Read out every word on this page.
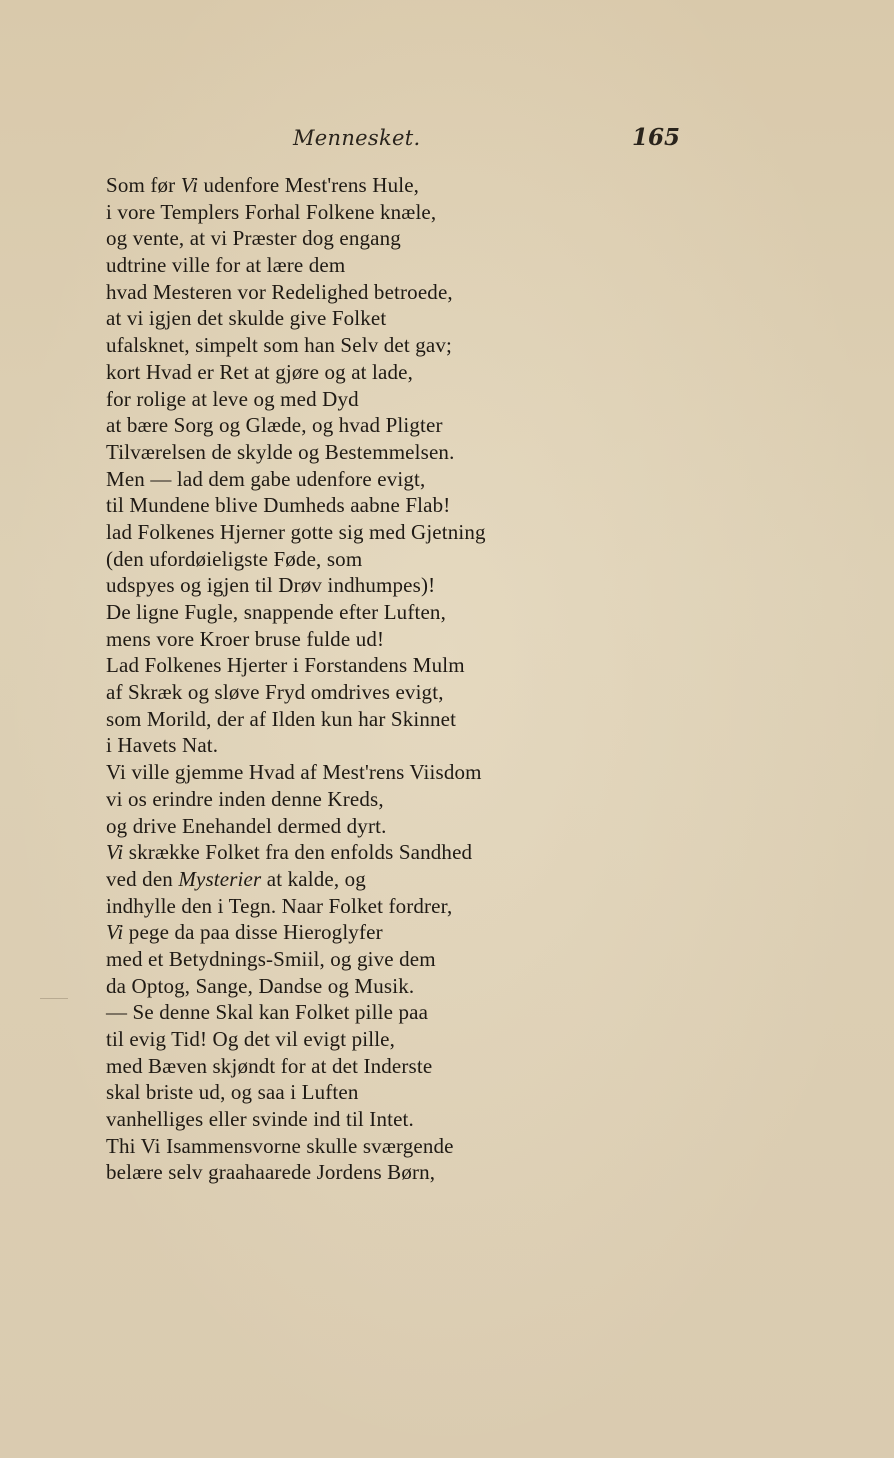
Mennesket.	165
Som før Vi udenfore Mest'rens Hule,
i vore Templers Forhal Folkene knæle,
og vente, at vi Præster dog engang
udtrine ville for at lære dem
hvad Mesteren vor Redelighed betroede,
at vi igjen det skulde give Folket
ufalsknet, simpelt som han Selv det gav;
kort Hvad er Ret at gjøre og at lade,
for rolige at leve og med Dyd
at bære Sorg og Glæde, og hvad Pligter
Tilværelsen de skylde og Bestemmelsen.
Men — lad dem gabe udenfore evigt,
til Mundene blive Dumheds aabne Flab!
lad Folkenes Hjerner gotte sig med Gjetning
(den ufordøieligste Føde, som
udspyes og igjen til Drøv indhumpes)!
De ligne Fugle, snappende efter Luften,
mens vore Kroer bruse fulde ud!
Lad Folkenes Hjerter i Forstandens Mulm
af Skræk og sløve Fryd omdrives evigt,
som Morild, der af Ilden kun har Skinnet
i Havets Nat.
Vi ville gjemme Hvad af Mest'rens Viisdom
vi os erindre inden denne Kreds,
og drive Enehandel dermed dyrt.
Vi skrække Folket fra den enfolds Sandhed
ved den Mysterier at kalde, og
indhylle den i Tegn. Naar Folket fordrer,
Vi pege da paa disse Hieroglyfer
med et Betydnings-Smiil, og give dem
da Optog, Sange, Dandse og Musik.
— Se denne Skal kan Folket pille paa
til evig Tid! Og det vil evigt pille,
med Bæven skjøndt for at det Inderste
skal briste ud, og saa i Luften
vanhelliges eller svinde ind til Intet.
Thi Vi Isammensvorne skulle sværgende
belære selv graahaarede Jordens Børn,
